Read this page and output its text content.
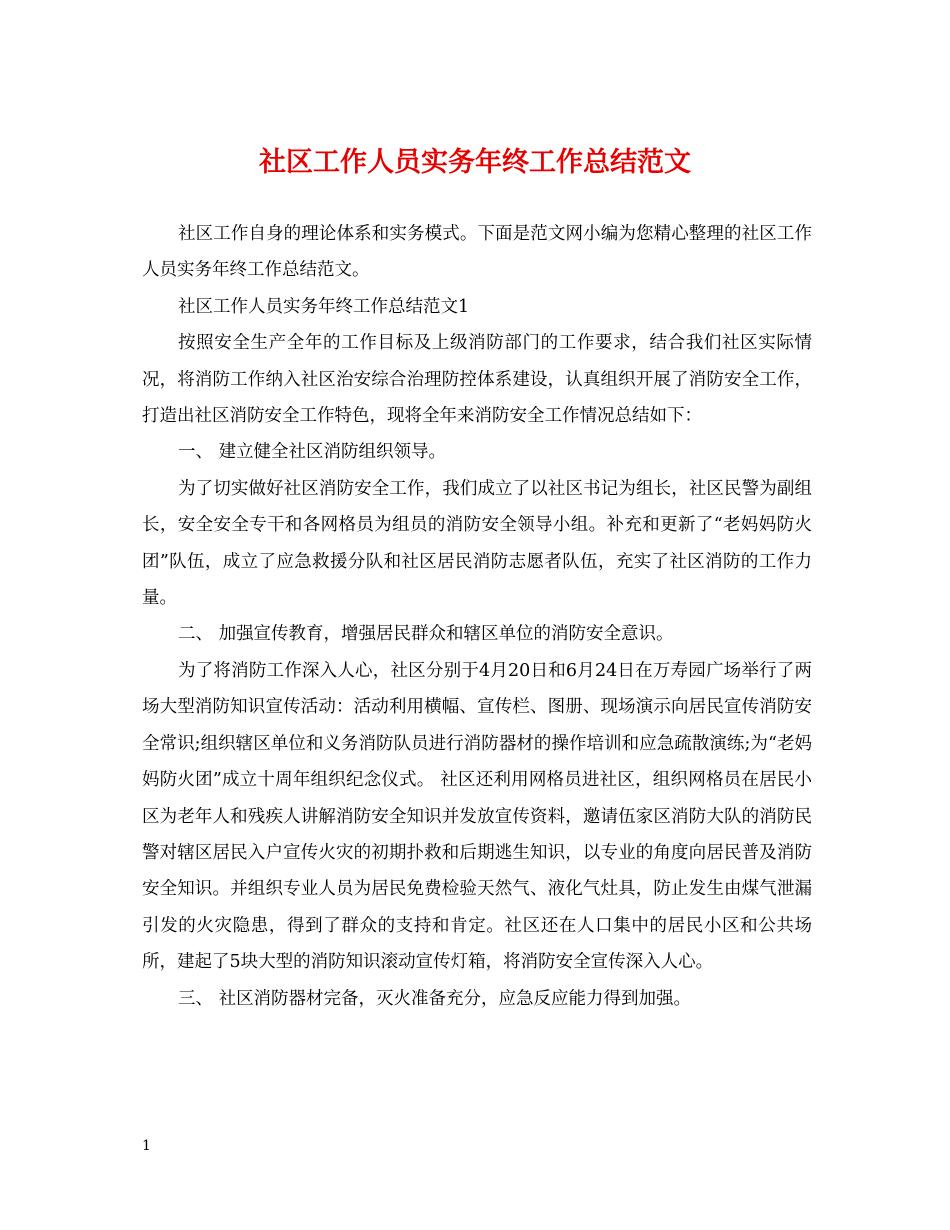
社区工作人员实务年终工作总结范文

社区工作自身的理论体系和实务模式。下面是范文网小编为您精心整理的社区工作人员实务年终工作总结范文。

社区工作人员实务年终工作总结范文1

按照安全生产全年的工作目标及上级消防部门的工作要求，结合我们社区实际情况，将消防工作纳入社区治安综合治理防控体系建设，认真组织开展了消防安全工作，打造出社区消防安全工作特色，现将全年来消防安全工作情况总结如下：

一、 建立健全社区消防组织领导。

为了切实做好社区消防安全工作，我们成立了以社区书记为组长，社区民警为副组长，安全安全专干和各网格员为组员的消防安全领导小组。补充和更新了“老妈妈防火团”队伍，成立了应急救援分队和社区居民消防志愿者队伍，充实了社区消防的工作力量。

二、 加强宣传教育，增强居民群众和辖区单位的消防安全意识。

为了将消防工作深入人心，社区分别于4月20日和6月24日在万寿园广场举行了两场大型消防知识宣传活动：活动利用横幅、宣传栏、图册、现场演示向居民宣传消防安全常识;组织辖区单位和义务消防队员进行消防器材的操作培训和应急疏散演练;为“老妈妈防火团”成立十周年组织纪念仪式。 社区还利用网格员进社区，组织网格员在居民小区为老年人和残疾人讲解消防安全知识并发放宣传资料，邀请伍家区消防大队的消防民警对辖区居民入户宣传火灾的初期扑救和后期逃生知识，以专业的角度向居民普及消防安全知识。并组织专业人员为居民免费检验天然气、液化气灶具，防止发生由煤气泄漏引发的火灾隐患，得到了群众的支持和肯定。社区还在人口集中的居民小区和公共场所，建起了5块大型的消防知识滚动宣传灯箱，将消防安全宣传深入人心。

三、 社区消防器材完备，灭火准备充分，应急反应能力得到加强。

1
